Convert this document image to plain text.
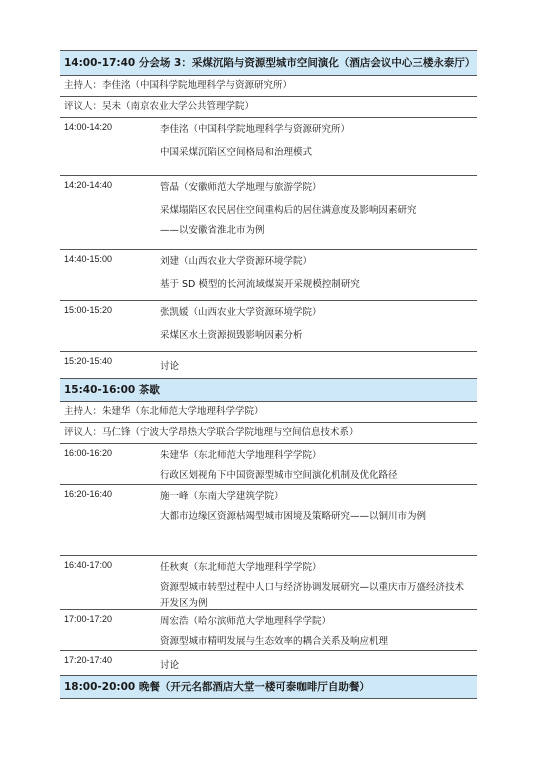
14:00-17:40 分会场 3：采煤沉陷与资源型城市空间演化（酒店会议中心三楼永泰厅）
主持人：李佳洺（中国科学院地理科学与资源研究所）
评议人：吴未（南京农业大学公共管理学院）
14:00-14:20	李佳洺（中国科学院地理科学与资源研究所）
中国采煤沉陷区空间格局和治理模式
14:20-14:40	管晶（安徽师范大学地理与旅游学院）
采煤塌陷区农民居住空间重构后的居住满意度及影响因素研究
——以安徽省淮北市为例
14:40-15:00	刘建（山西农业大学资源环境学院）
基于 SD 模型的长河流域煤炭开采规模控制研究
15:00-15:20	张凯媛（山西农业大学资源环境学院）
采煤区水土资源损毁影响因素分析
15:20-15:40	讨论
15:40-16:00 茶歇
主持人：朱建华（东北师范大学地理科学学院）
评议人：马仁锋（宁波大学昂热大学联合学院地理与空间信息技术系）
16:00-16:20	朱建华（东北师范大学地理科学学院）
行政区划视角下中国资源型城市空间演化机制及优化路径
16:20-16:40	施一峰（东南大学建筑学院）
大都市边缘区资源枯竭型城市困境及策略研究——以铜川市为例
16:40-17:00	任秋爽（东北师范大学地理科学学院）
资源型城市转型过程中人口与经济协调发展研究—以重庆市万盛经济技术开发区为例
17:00-17:20	周宏浩（哈尔滨师范大学地理科学学院）
资源型城市精明发展与生态效率的耦合关系及响应机理
17:20-17:40	讨论
18:00-20:00 晚餐（开元名都酒店大堂一楼可泰咖啡厅自助餐）
